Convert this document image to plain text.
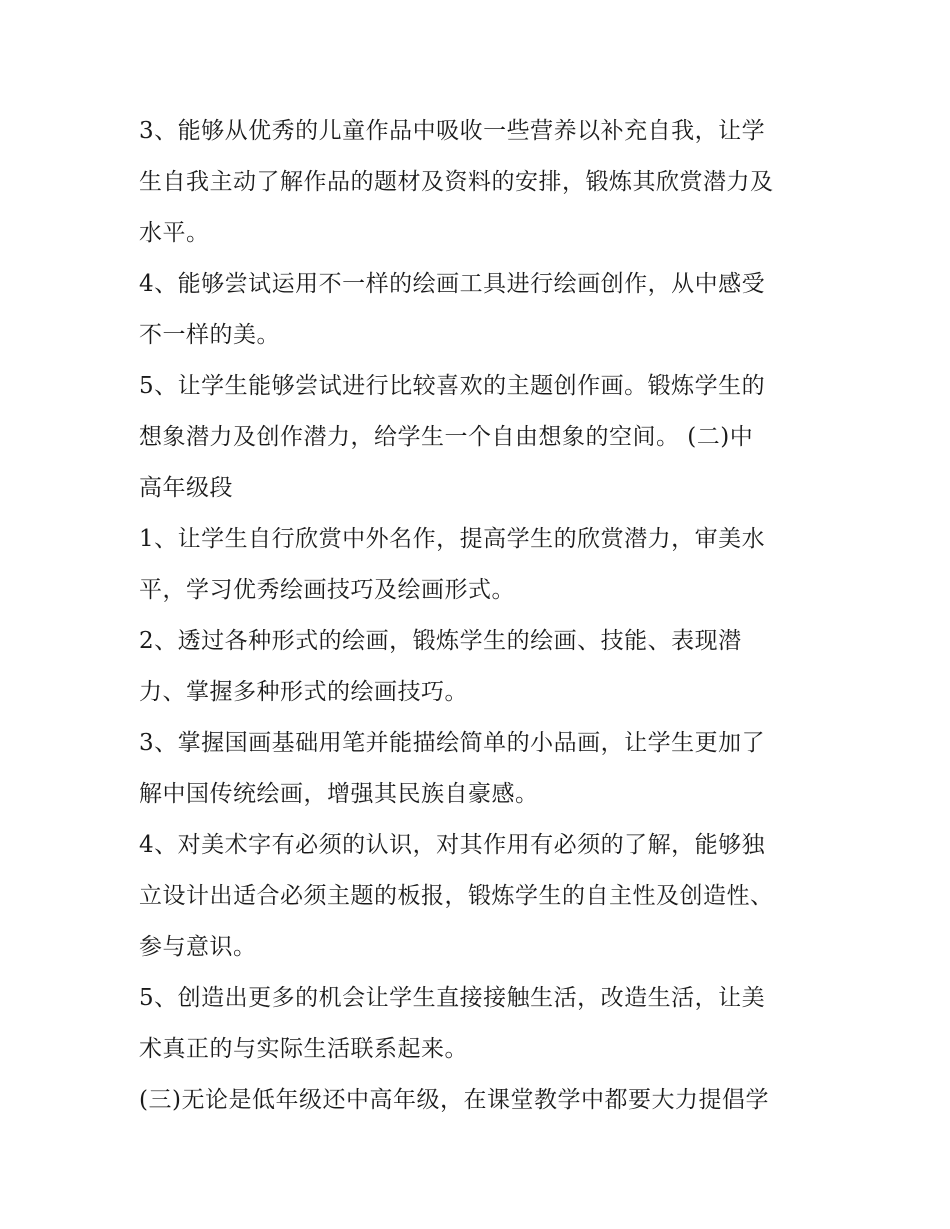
3、能够从优秀的儿童作品中吸收一些营养以补充自我，让学
生自我主动了解作品的题材及资料的安排，锻炼其欣赏潜力及
水平。
4、能够尝试运用不一样的绘画工具进行绘画创作，从中感受
不一样的美。
5、让学生能够尝试进行比较喜欢的主题创作画。锻炼学生的
想象潜力及创作潜力，给学生一个自由想象的空间。 (二)中
高年级段
1、让学生自行欣赏中外名作，提高学生的欣赏潜力，审美水
平，学习优秀绘画技巧及绘画形式。
2、透过各种形式的绘画，锻炼学生的绘画、技能、表现潜
力、掌握多种形式的绘画技巧。
3、掌握国画基础用笔并能描绘简单的小品画，让学生更加了
解中国传统绘画，增强其民族自豪感。
4、对美术字有必须的认识，对其作用有必须的了解，能够独
立设计出适合必须主题的板报，锻炼学生的自主性及创造性、
参与意识。
5、创造出更多的机会让学生直接接触生活，改造生活，让美
术真正的与实际生活联系起来。
(三)无论是低年级还中高年级，在课堂教学中都要大力提倡学
